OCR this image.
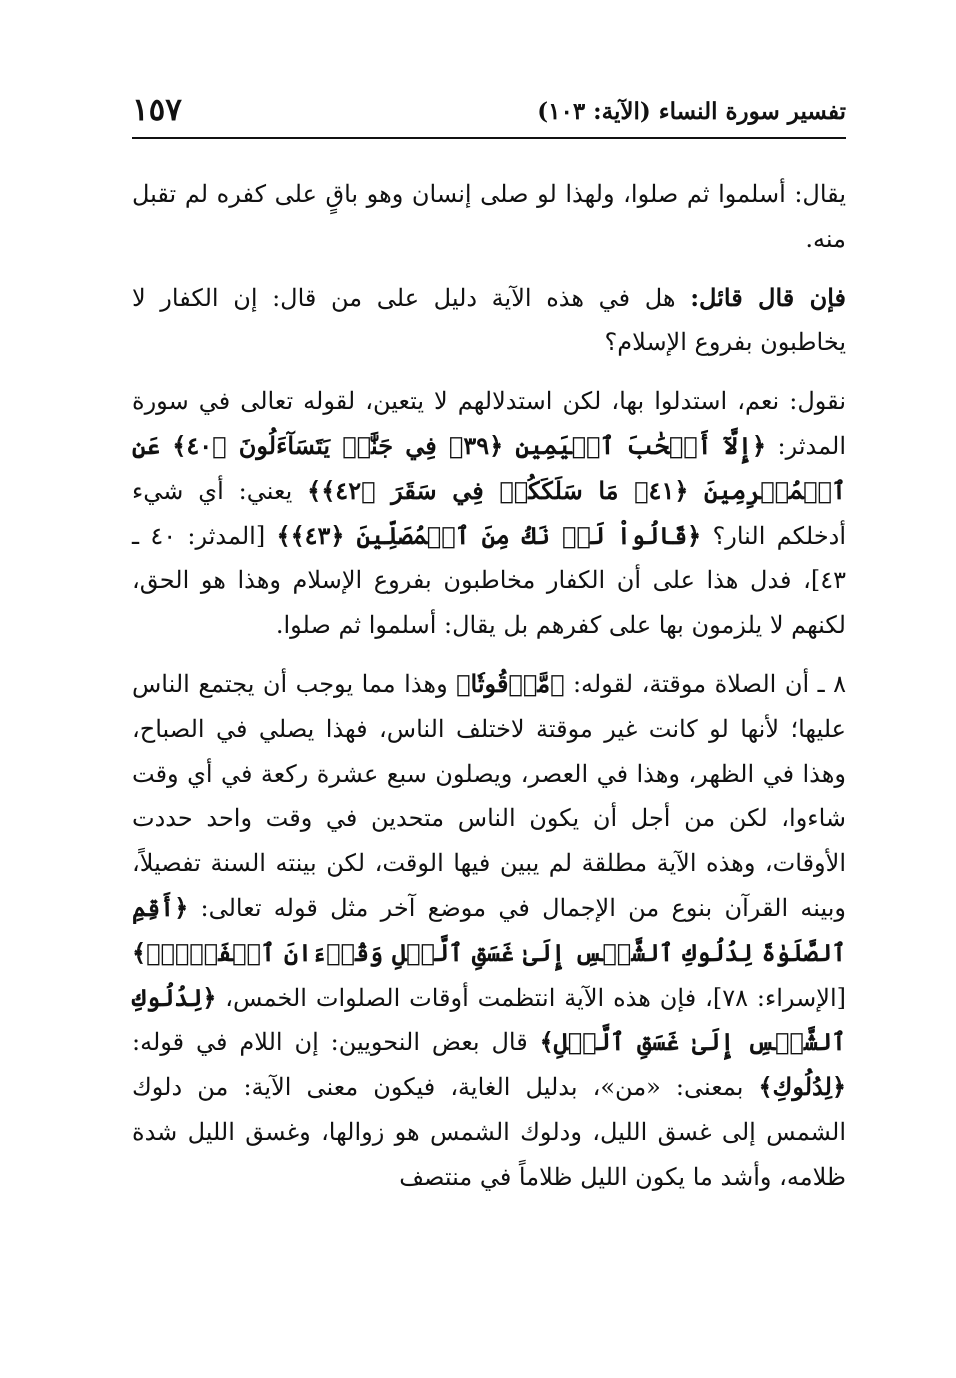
تفسير سورة النساء (الآية: ١٠٣)
١٥٧

يقال: أسلموا ثم صلوا، ولهذا لو صلى إنسان وهو باقٍ على كفره لم تقبل منه.

فإن قال قائل: هل في هذه الآية دليل على من قال: إن الكفار لا يخاطبون بفروع الإسلام؟

نقول: نعم، استدلوا بها، لكن استدلالهم لا يتعين، لقوله تعالى في سورة المدثر: ﴿إِلَّآ أَصۡحَٰبَ ٱلۡيَمِينِ ﴿٣٩﴾ فِي جَنَّٰتٖ يَتَسَآءَلُونَ ﴿٤٠﴾ عَنِ ٱلۡمُجۡرِمِينَ ﴿٤١﴾ مَا سَلَكَكُمۡ فِي سَقَرَ ﴿٤٢﴾﴾ يعني: أي شيء أدخلكم النار؟ ﴿قَالُواْ لَمۡ نَكُ مِنَ ٱلۡمُصَلِّينَ ﴿٤٣﴾﴾ [المدثر: ٤٠ ـ ٤٣]، فدل هذا على أن الكفار مخاطبون بفروع الإسلام وهذا هو الحق، لكنهم لا يلزمون بها على كفرهم بل يقال: أسلموا ثم صلوا.

٨ ـ أن الصلاة موقتة، لقوله: ﴿مَّوۡقُوتٗا﴾ وهذا مما يوجب أن يجتمع الناس عليها؛ لأنها لو كانت غير موقتة لاختلف الناس، فهذا يصلي في الصباح، وهذا في الظهر، وهذا في العصر، ويصلون سبع عشرة ركعة في أي وقت شاءوا، لكن من أجل أن يكون الناس متحدين في وقت واحد حددت الأوقات، وهذه الآية مطلقة لم يبين فيها الوقت، لكن بينته السنة تفصيلاً، وبينه القرآن بنوع من الإجمال في موضع آخر مثل قوله تعالى: ﴿أَقِمِ ٱلصَّلَوٰةَ لِدُلُوكِ ٱلشَّمۡسِ إِلَىٰ غَسَقِ ٱلَّيۡلِ وَقُرۡءَانَ ٱلۡفَجۡرِۖ﴾ [الإسراء: ٧٨]، فإن هذه الآية انتظمت أوقات الصلوات الخمس، ﴿لِدُلُوكِ ٱلشَّمۡسِ إِلَىٰ غَسَقِ ٱلَّيۡلِ﴾ قال بعض النحويين: إن اللام في قوله: ﴿لِدُلُوكِ﴾ بمعنى: «من»، بدليل الغاية، فيكون معنى الآية: من دلوك الشمس إلى غسق الليل، ودلوك الشمس هو زوالها، وغسق الليل شدة ظلامه، وأشد ما يكون الليل ظلاماً في منتصف
